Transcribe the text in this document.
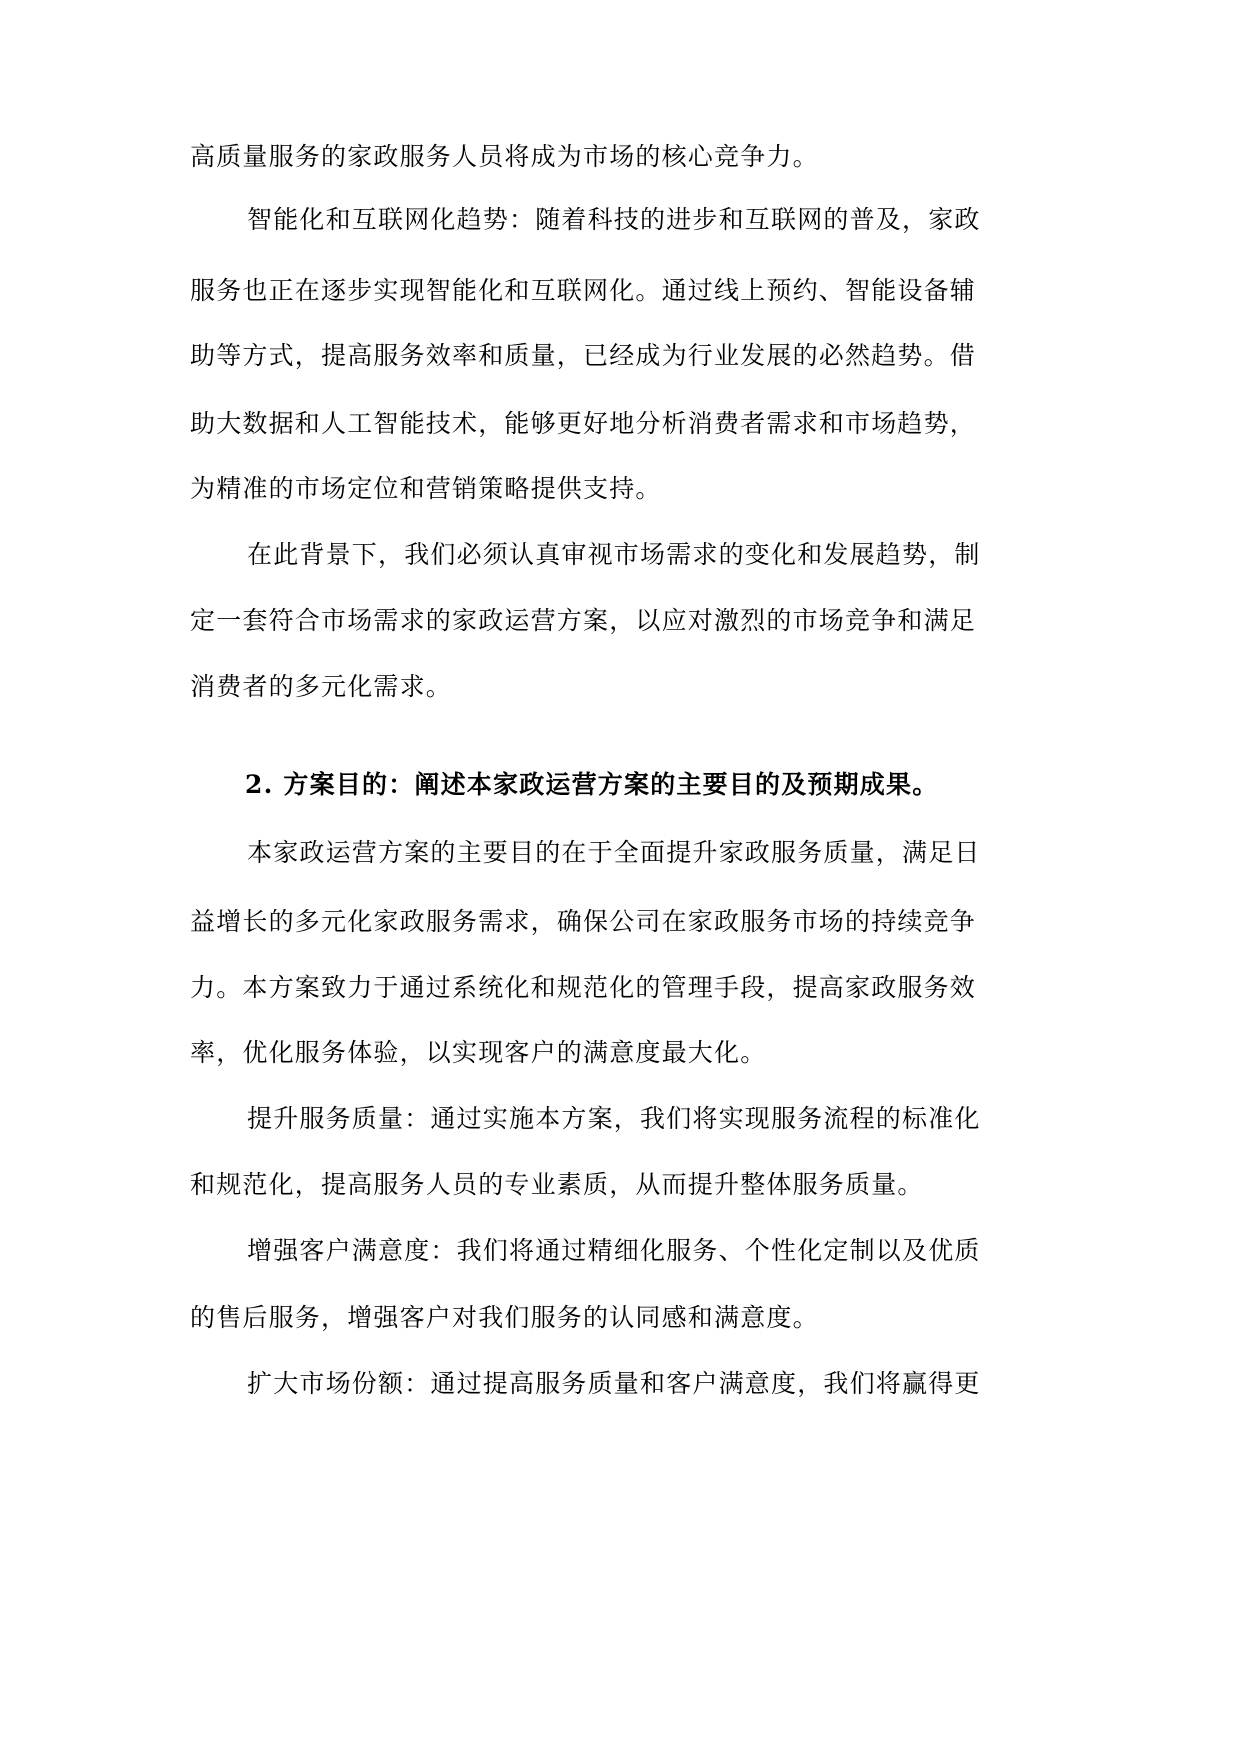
高质量服务的家政服务人员将成为市场的核心竞争力。

智能化和互联网化趋势：随着科技的进步和互联网的普及，家政

服务也正在逐步实现智能化和互联网化。通过线上预约、智能设备辅

助等方式，提高服务效率和质量，已经成为行业发展的必然趋势。借

助大数据和人工智能技术，能够更好地分析消费者需求和市场趋势，

为精准的市场定位和营销策略提供支持。

在此背景下，我们必须认真审视市场需求的变化和发展趋势，制

定一套符合市场需求的家政运营方案，以应对激烈的市场竞争和满足

消费者的多元化需求。

2. 方案目的：阐述本家政运营方案的主要目的及预期成果。

本家政运营方案的主要目的在于全面提升家政服务质量，满足日

益增长的多元化家政服务需求，确保公司在家政服务市场的持续竞争

力。本方案致力于通过系统化和规范化的管理手段，提高家政服务效

率，优化服务体验，以实现客户的满意度最大化。

提升服务质量：通过实施本方案，我们将实现服务流程的标准化

和规范化，提高服务人员的专业素质，从而提升整体服务质量。

增强客户满意度：我们将通过精细化服务、个性化定制以及优质

的售后服务，增强客户对我们服务的认同感和满意度。

扩大市场份额：通过提高服务质量和客户满意度，我们将赢得更
